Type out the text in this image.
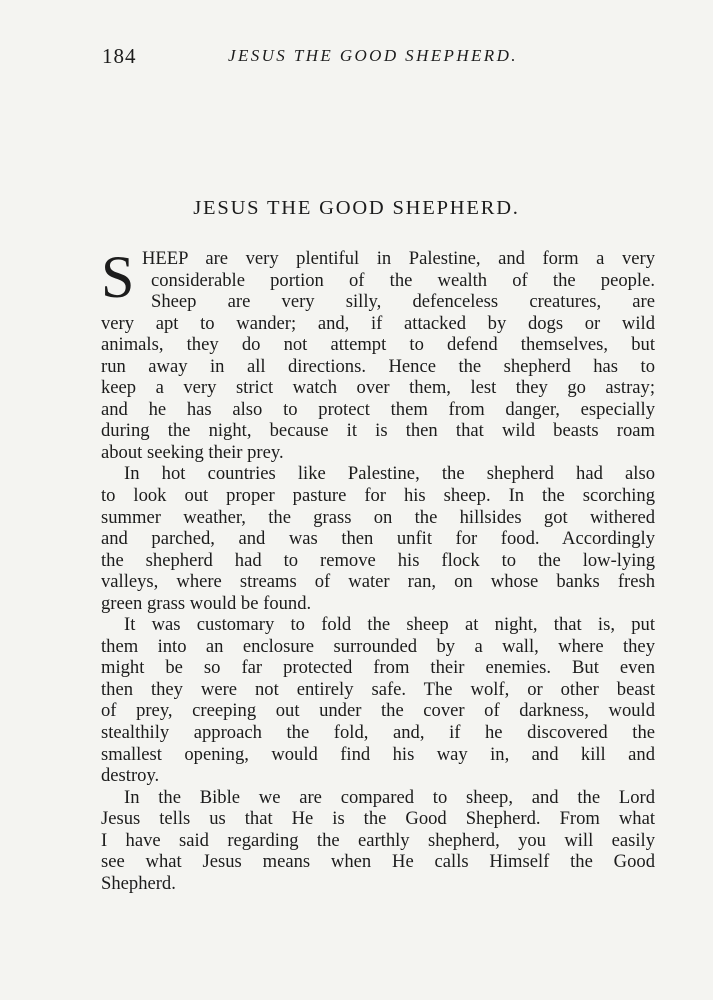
184	JESUS THE GOOD SHEPHERD.
JESUS THE GOOD SHEPHERD.
S HEEP are very plentiful in Palestine, and form a very
considerable portion of the wealth of the people.
Sheep are very silly, defenceless creatures, are
very apt to wander; and, if attacked by dogs or wild
animals, they do not attempt to defend themselves, but
run away in all directions. Hence the shepherd has to
keep a very strict watch over them, lest they go astray;
and he has also to protect them from danger, especially
during the night, because it is then that wild beasts roam
about seeking their prey.
In hot countries like Palestine, the shepherd had also
to look out proper pasture for his sheep. In the scorching
summer weather, the grass on the hillsides got withered
and parched, and was then unfit for food. Accordingly
the shepherd had to remove his flock to the low-lying
valleys, where streams of water ran, on whose banks fresh
green grass would be found.
It was customary to fold the sheep at night, that is, put
them into an enclosure surrounded by a wall, where they
might be so far protected from their enemies. But even
then they were not entirely safe. The wolf, or other beast
of prey, creeping out under the cover of darkness, would
stealthily approach the fold, and, if he discovered the
smallest opening, would find his way in, and kill and
destroy.
In the Bible we are compared to sheep, and the Lord
Jesus tells us that He is the Good Shepherd. From what
I have said regarding the earthly shepherd, you will easily
see what Jesus means when He calls Himself the Good
Shepherd.
